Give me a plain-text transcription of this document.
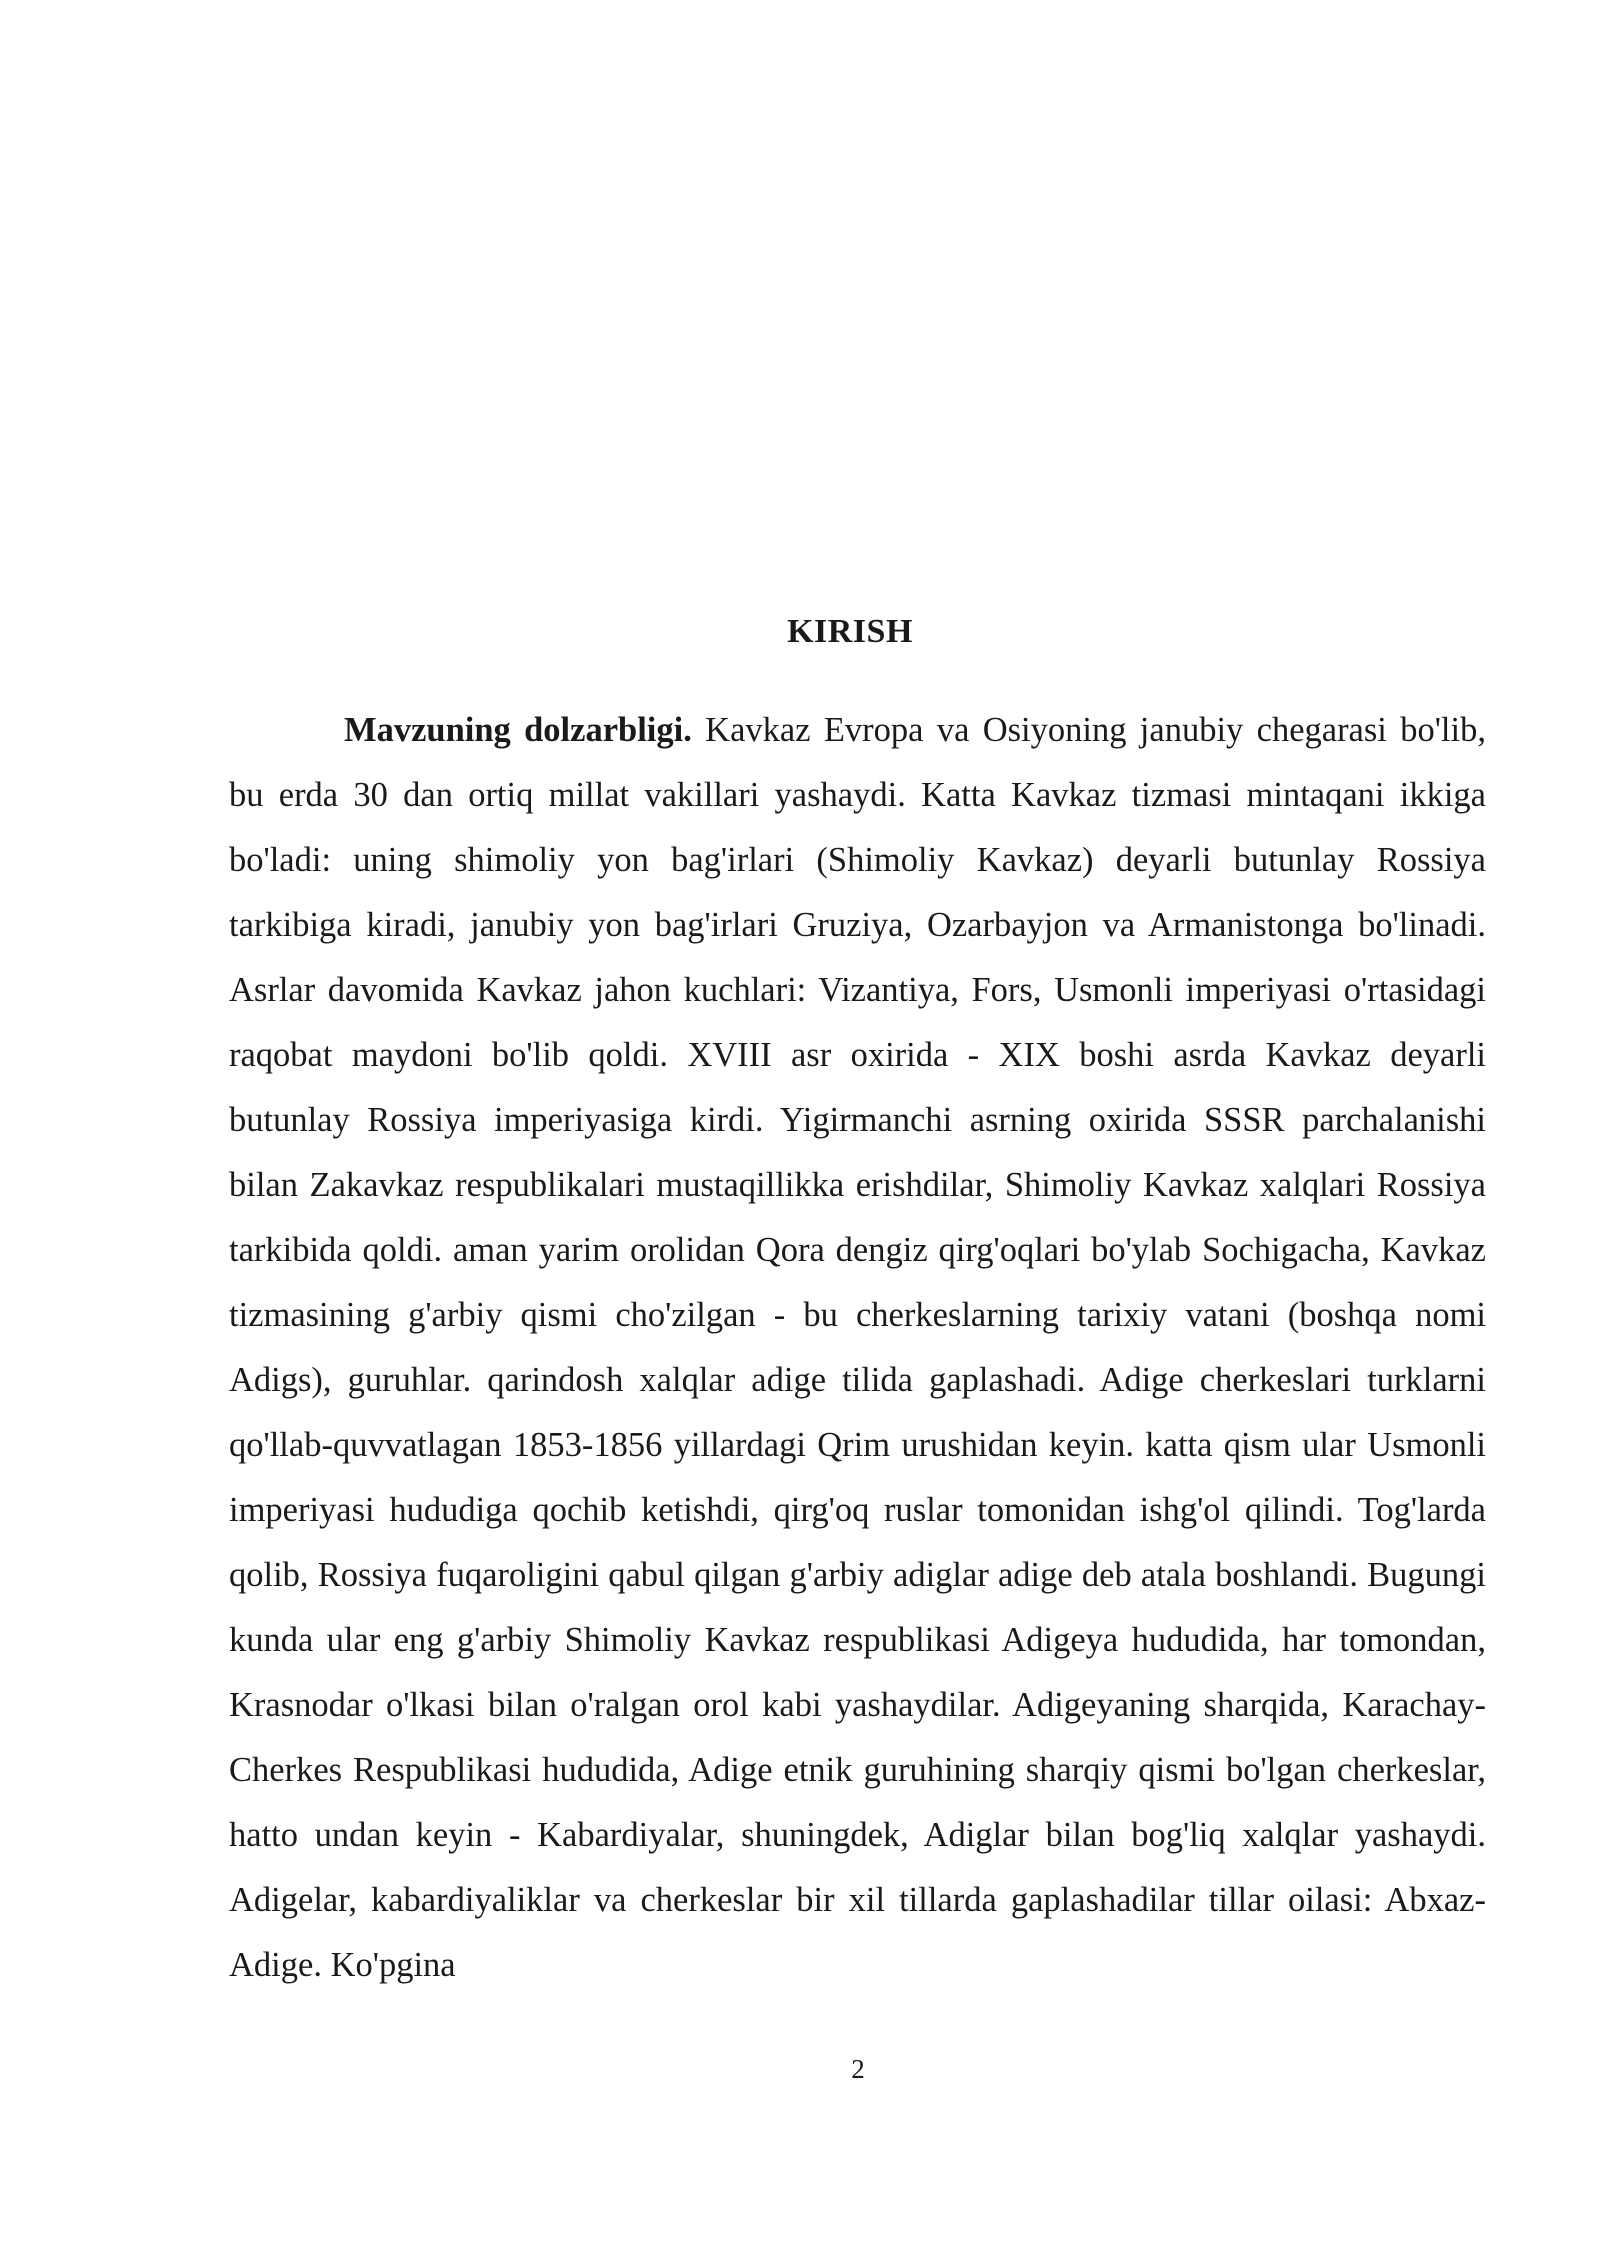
KIRISH

Mavzuning dolzarbligi. Kavkaz Evropa va Osiyoning janubiy chegarasi bo'lib, bu erda 30 dan ortiq millat vakillari yashaydi. Katta Kavkaz tizmasi mintaqani ikkiga bo'ladi: uning shimoliy yon bag'irlari (Shimoliy Kavkaz) deyarli butunlay Rossiya tarkibiga kiradi, janubiy yon bag'irlari Gruziya, Ozarbayjon va Armanistonga bo'linadi. Asrlar davomida Kavkaz jahon kuchlari: Vizantiya, Fors, Usmonli imperiyasi o'rtasidagi raqobat maydoni bo'lib qoldi. XVIII asr oxirida - XIX boshi asrda Kavkaz deyarli butunlay Rossiya imperiyasiga kirdi. Yigirmanchi asrning oxirida SSSR parchalanishi bilan Zakavkaz respublikalari mustaqillikka erishdilar, Shimoliy Kavkaz xalqlari Rossiya tarkibida qoldi. aman yarim orolidan Qora dengiz qirg'oqlari bo'ylab Sochigacha, Kavkaz tizmasining g'arbiy qismi cho'zilgan - bu cherkeslarning tarixiy vatani (boshqa nomi Adigs), guruhlar. qarindosh xalqlar adige tilida gaplashadi. Adige cherkeslari turklarni qo'llab-quvvatlagan 1853-1856 yillardagi Qrim urushidan keyin. katta qism ular Usmonli imperiyasi hududiga qochib ketishdi, qirg'oq ruslar tomonidan ishg'ol qilindi. Tog'larda qolib, Rossiya fuqaroligini qabul qilgan g'arbiy adiglar adige deb atala boshlandi. Bugungi kunda ular eng g'arbiy Shimoliy Kavkaz respublikasi Adigeya hududida, har tomondan, Krasnodar o'lkasi bilan o'ralgan orol kabi yashaydilar. Adigeyaning sharqida, Karachay-Cherkes Respublikasi hududida, Adige etnik guruhining sharqiy qismi bo'lgan cherkeslar, hatto undan keyin - Kabardiyalar, shuningdek, Adiglar bilan bog'liq xalqlar yashaydi. Adigelar, kabardiyaliklar va cherkeslar bir xil tillarda gaplashadilar tillar oilasi: Abxaz-Adige. Ko'pgina

2
